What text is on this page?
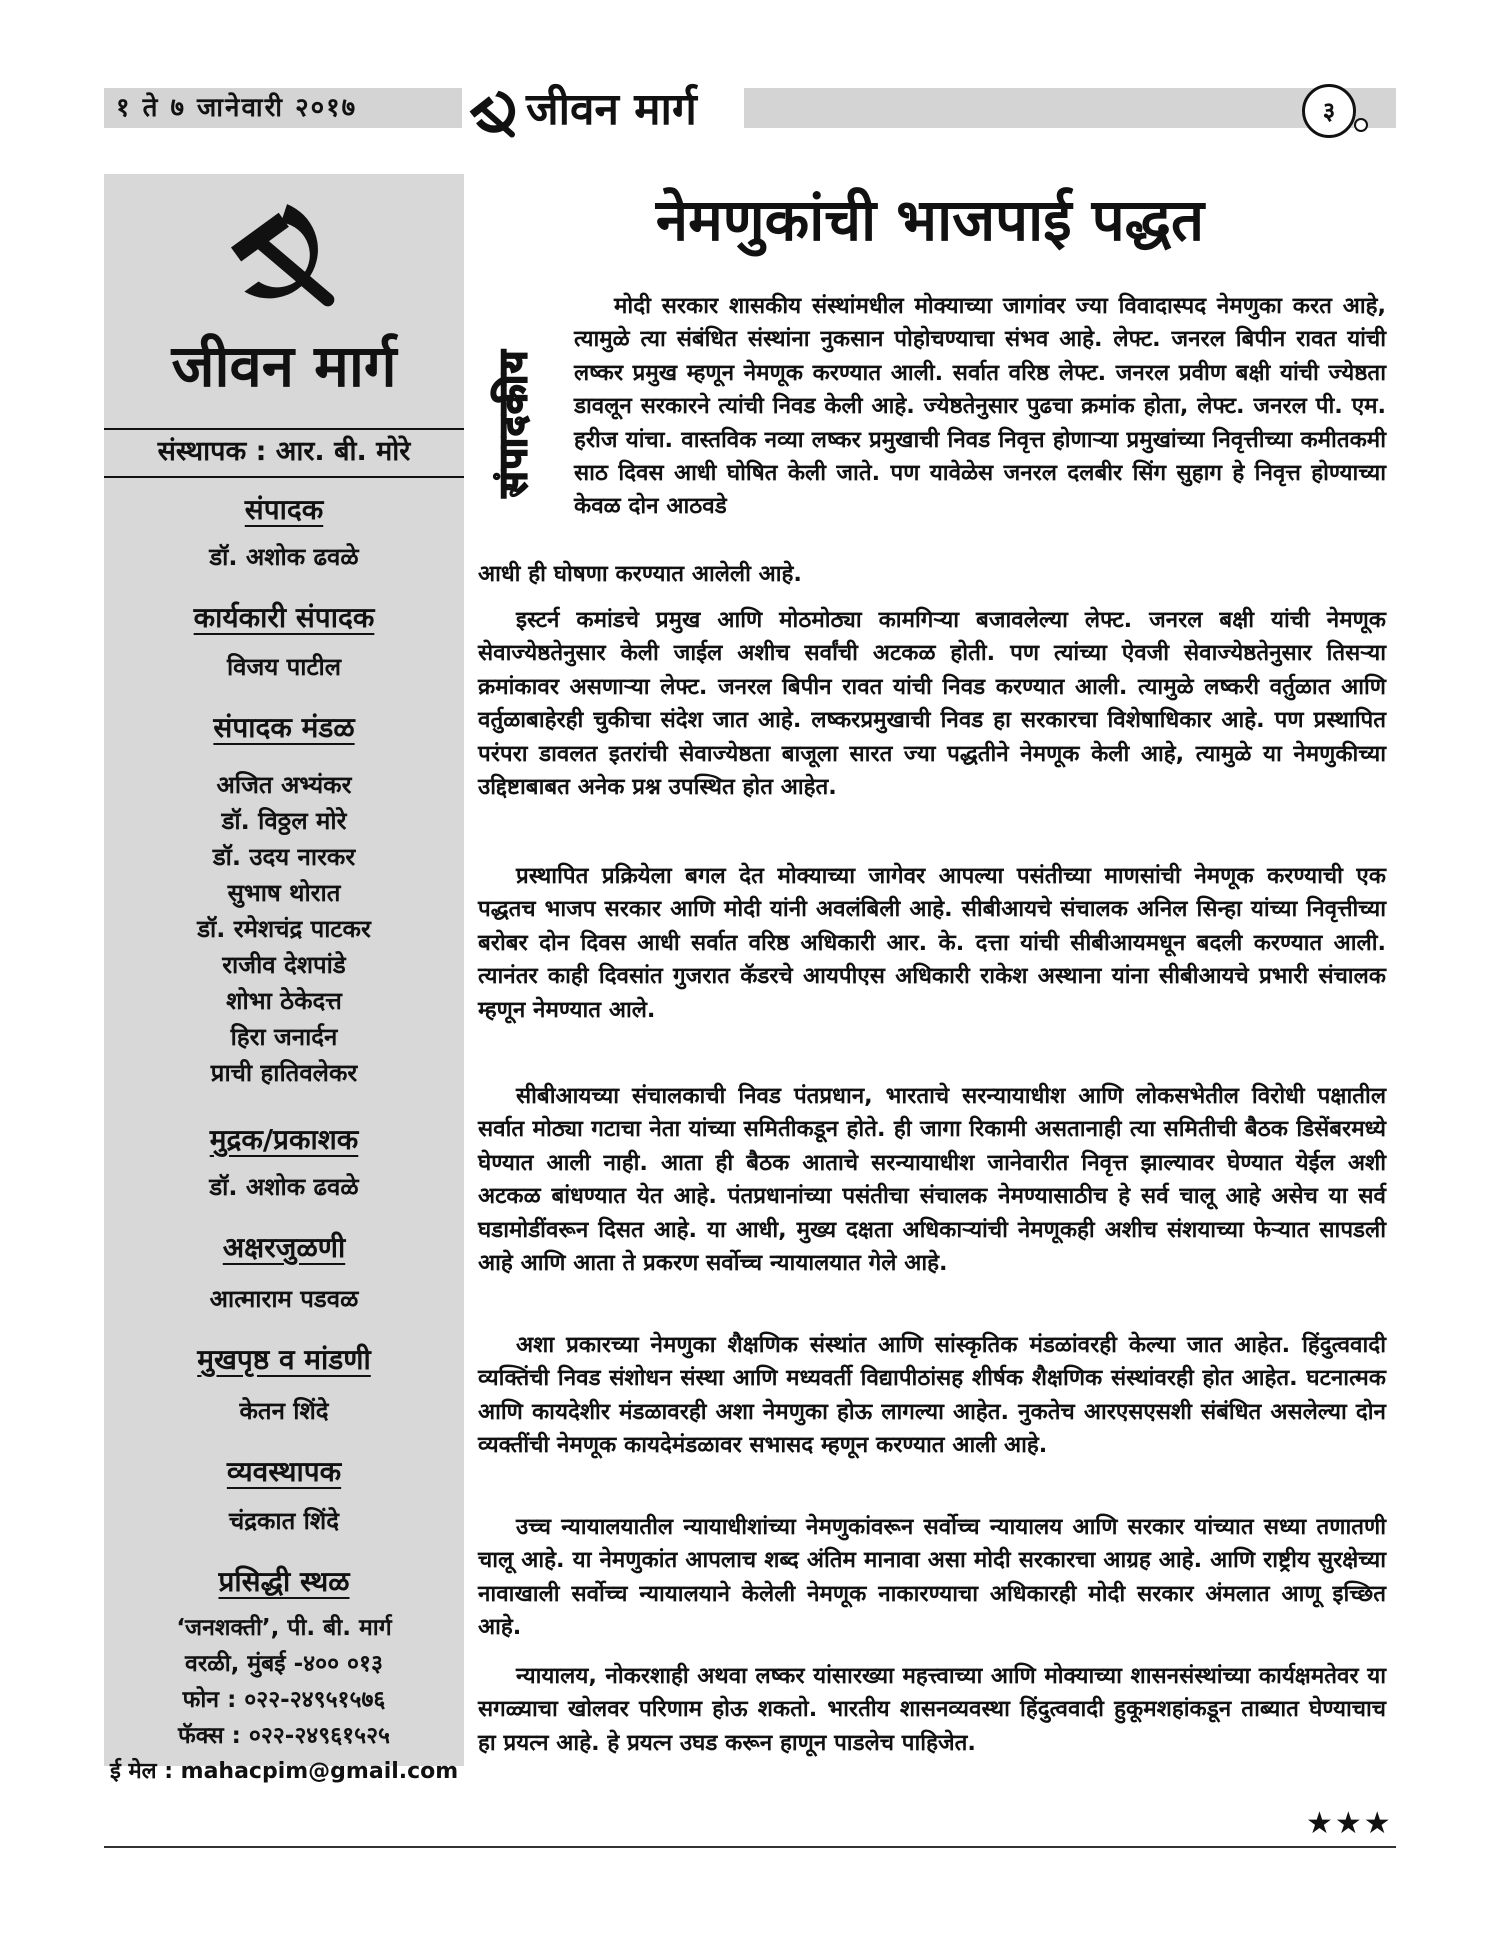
१ ते ७ जानेवारी २०१७	जीवन मार्ग	३
जीवन मार्ग
संस्थापक : आर. बी. मोरे
संपादक
डॉ. अशोक ढवळे
कार्यकारी संपादक
विजय पाटील
संपादक मंडळ
अजित अभ्यंकर
डॉ. विठ्ठल मोरे
डॉ. उदय नारकर
सुभाष थोरात
डॉ. रमेशचंद्र पाटकर
राजीव देशपांडे
शोभा ठेकेदत्त
हिरा जनार्दन
प्राची हातिवलेकर
मुद्रक/प्रकाशक
डॉ. अशोक ढवळे
अक्षरजुळणी
आत्माराम पडवळ
मुखपृष्ठ व मांडणी
केतन शिंदे
व्यवस्थापक
चंद्रकात शिंदे
प्रसिद्धी स्थळ
‘जनशक्ती’, पी. बी. मार्ग
वरळी, मुंबई -४०० ०१३
फोन : ०२२-२४९५१५७६
फॅक्स : ०२२-२४९६१५२५
ई मेल : mahacpim@gmail.com
नेमणुकांची भाजपाई पद्धत
संपादकीय

मोदी सरकार शासकीय संस्थांमधील मोक्याच्या जागांवर ज्या विवादास्पद नेमणुका करत आहे, त्यामुळे त्या संबंधित संस्थांना नुकसान पोहोचण्याचा संभव आहे. लेफ्ट. जनरल बिपीन रावत यांची लष्कर प्रमुख म्हणून नेमणूक करण्यात आली. सर्वात वरिष्ठ लेफ्ट. जनरल प्रवीण बक्षी यांची ज्येष्ठता डावलून सरकारने त्यांची निवड केली आहे. ज्येष्ठतेनुसार पुढचा क्रमांक होता, लेफ्ट. जनरल पी. एम. हरीज यांचा. वास्तविक नव्या लष्कर प्रमुखाची निवड निवृत्त होणाऱ्या प्रमुखांच्या निवृत्तीच्या कमीतकमी साठ दिवस आधी घोषित केली जाते. पण यावेळेस जनरल दलबीर सिंग सुहाग हे निवृत्त होण्याच्या केवळ दोन आठवडे

आधी ही घोषणा करण्यात आलेली आहे.

इस्टर्न कमांडचे प्रमुख आणि मोठमोठ्या कामगिऱ्या बजावलेल्या लेफ्ट. जनरल बक्षी यांची नेमणूक सेवाज्येष्ठतेनुसार केली जाईल अशीच सर्वांची अटकळ होती. पण त्यांच्या ऐवजी सेवाज्येष्ठतेनुसार तिसऱ्या क्रमांकावर असणाऱ्या लेफ्ट. जनरल बिपीन रावत यांची निवड करण्यात आली. त्यामुळे लष्करी वर्तुळात आणि वर्तुळाबाहेरही चुकीचा संदेश जात आहे. लष्करप्रमुखाची निवड हा सरकारचा विशेषाधिकार आहे. पण प्रस्थापित परंपरा डावलत इतरांची सेवाज्येष्ठता बाजूला सारत ज्या पद्धतीने नेमणूक केली आहे, त्यामुळे या नेमणुकीच्या उद्दिष्टाबाबत अनेक प्रश्न उपस्थित होत आहेत.

प्रस्थापित प्रक्रियेला बगल देत मोक्याच्या जागेवर आपल्या पसंतीच्या माणसांची नेमणूक करण्याची एक पद्धतच भाजप सरकार आणि मोदी यांनी अवलंबिली आहे. सीबीआयचे संचालक अनिल सिन्हा यांच्या निवृत्तीच्या बरोबर दोन दिवस आधी सर्वात वरिष्ठ अधिकारी आर. के. दत्ता यांची सीबीआयमधून बदली करण्यात आली. त्यानंतर काही दिवसांत गुजरात कॅडरचे आयपीएस अधिकारी राकेश अस्थाना यांना सीबीआयचे प्रभारी संचालक म्हणून नेमण्यात आले.

सीबीआयच्या संचालकाची निवड पंतप्रधान, भारताचे सरन्यायाधीश आणि लोकसभेतील विरोधी पक्षातील सर्वात मोठ्या गटाचा नेता यांच्या समितीकडून होते. ही जागा रिकामी असतानाही त्या समितीची बैठक डिसेंबरमध्ये घेण्यात आली नाही. आता ही बैठक आताचे सरन्यायाधीश जानेवारीत निवृत्त झाल्यावर घेण्यात येईल अशी अटकळ बांधण्यात येत आहे. पंतप्रधानांच्या पसंतीचा संचालक नेमण्यासाठीच हे सर्व चालू आहे असेच या सर्व घडामोडींवरून दिसत आहे. या आधी, मुख्य दक्षता अधिकाऱ्यांची नेमणूकही अशीच संशयाच्या फेऱ्यात सापडली आहे आणि आता ते प्रकरण सर्वोच्च न्यायालयात गेले आहे.

अशा प्रकारच्या नेमणुका शैक्षणिक संस्थांत आणि सांस्कृतिक मंडळांवरही केल्या जात आहेत. हिंदुत्ववादी व्यक्तिंची निवड संशोधन संस्था आणि मध्यवर्ती विद्यापीठांसह शीर्षक शैक्षणिक संस्थांवरही होत आहेत. घटनात्मक आणि कायदेशीर मंडळावरही अशा नेमणुका होऊ लागल्या आहेत. नुकतेच आरएसएसशी संबंधित असलेल्या दोन व्यक्तींची नेमणूक कायदेमंडळावर सभासद म्हणून करण्यात आली आहे.

उच्च न्यायालयातील न्यायाधीशांच्या नेमणुकांवरून सर्वोच्च न्यायालय आणि सरकार यांच्यात सध्या तणातणी चालू आहे. या नेमणुकांत आपलाच शब्द अंतिम मानावा असा मोदी सरकारचा आग्रह आहे. आणि राष्ट्रीय सुरक्षेच्या नावाखाली सर्वोच्च न्यायालयाने केलेली नेमणूक नाकारण्याचा अधिकारही मोदी सरकार अंमलात आणू इच्छित आहे.

न्यायालय, नोकरशाही अथवा लष्कर यांसारख्या महत्त्वाच्या आणि मोक्याच्या शासनसंस्थांच्या कार्यक्षमतेवर या सगळ्याचा खोलवर परिणाम होऊ शकतो. भारतीय शासनव्यवस्था हिंदुत्ववादी हुकूमशहांकडून ताब्यात घेण्याचाच हा प्रयत्न आहे. हे प्रयत्न उघड करून हाणून पाडलेच पाहिजेत.

★★★
